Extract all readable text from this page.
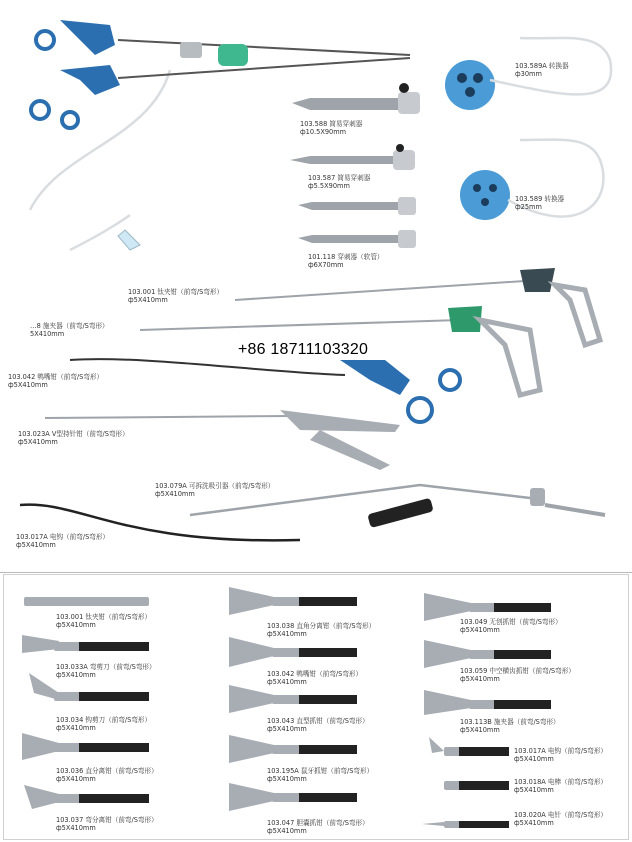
+86 18711103320
103.588 简易穿刺器
ф10.5X90mm
103.587 简易穿刺器
ф5.5X90mm
101.118 穿刺器（软管）
ф6X70mm
103.589A 转换器
ф30mm
103.589 转换器
ф25mm
103.001 钛夹钳（前弯/S弯形）
ф5X410mm
…8 施夹器（前弯/S弯形）
5X410mm
103.042 鸭嘴钳（前弯/S弯形）
ф5X410mm
103.023A V型持针钳（前弯/S弯形）
ф5X410mm
103.079A 可拆洗吸引器（前弯/S弯形）
ф5X410mm
103.017A 电钩（前弯/S弯形）
ф5X410mm
103.001 钛夹钳（前弯/S弯形）
ф5X410mm
103.033A 弯剪刀（前弯/S弯形）
ф5X410mm
103.034 钩剪刀（前弯/S弯形）
ф5X410mm
103.036 直分离钳（前弯/S弯形）
ф5X410mm
103.037 弯分离钳（前弯/S弯形）
ф5X410mm
103.038 直角分离钳（前弯/S弯形）
ф5X410mm
103.042 鸭嘴钳（前弯/S弯形）
ф5X410mm
103.043 直型抓钳（前弯/S弯形）
ф5X410mm
103.195A 鼠牙抓钳（前弯/S弯形）
ф5X410mm
103.047 胆囊抓钳（前弯/S弯形）
ф5X410mm
103.049 无创抓钳（前弯/S弯形）
ф5X410mm
103.059 中空横齿抓钳（前弯/S弯形）
ф5X410mm
103.113B 施夹器（前弯/S弯形）
ф5X410mm
103.017A 电钩（前弯/S弯形）
ф5X410mm
103.018A 电棒（前弯/S弯形）
ф5X410mm
103.020A 电针（前弯/S弯形）
ф5X410mm
